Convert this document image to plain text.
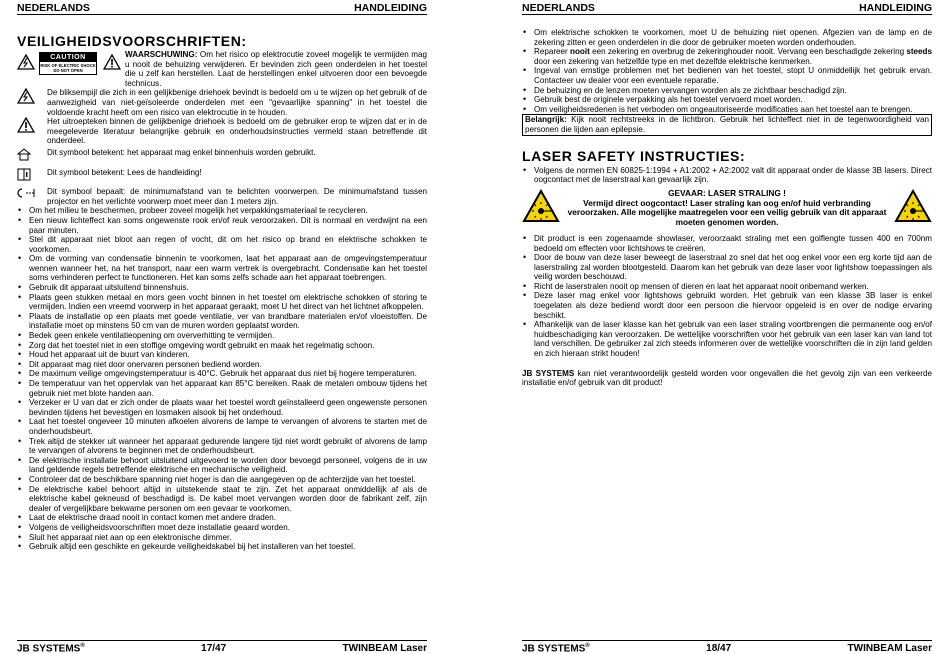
NEDERLANDS	HANDLEIDING
VEILIGHEIDSVOORSCHRIFTEN:
CAUTION
RISK OF ELECTRIC SHOCK DO NOT OPEN
WAARSCHUWING: Om het risico op elektrocutie zoveel mogelijk te vermijden mag u nooit de behuizing verwijderen. Er bevinden zich geen onderdelen in het toestel die u zelf kan herstellen. Laat de herstellingen enkel uitvoeren door een bevoegde technicus.
De bliksempijl die zich in een gelijkbenige driehoek bevindt is bedoeld om u te wijzen op het gebruik of de aanwezigheid van niet-geïsoleerde onderdelen met een "gevaarlijke spanning" in het toestel die voldoende kracht heeft om een risico van elektrocutie in te houden.
Het uitroepteken binnen de gelijkbenige driehoek is bedoeld om de gebruiker erop te wijzen dat er in de meegeleverde literatuur belangrijke gebruik en onderhoudsinstructies vermeld staan betreffende dit onderdeel.
Dit symbool betekent: het apparaat mag enkel binnenhuis worden gebruikt.
Dit symbool betekent: Lees de handleiding!
Dit symbool bepaalt: de minimumafstand van te belichten voorwerpen. De minimumafstand tussen projector en het verlichte voorwerp moet meer dan 1 meters zijn.
• Om het milieu te beschermen, probeer zoveel mogelijk het verpakkingsmateriaal te recycleren.
• Een nieuw lichteffect kan soms ongewenste rook en/of reuk veroorzaken. Dit is normaal en verdwijnt na een paar minuten.
• Stel dit apparaat niet bloot aan regen of vocht, dit om het risico op brand en elektrische schokken te voorkomen.
• Om de vorming van condensatie binnenin te voorkomen, laat het apparaat aan de omgevingstemperatuur wennen wanneer het, na het transport, naar een warm vertrek is overgebracht. Condensatie kan het toestel soms verhinderen perfect te functioneren. Het kan soms zelfs schade aan het apparaat toebrengen.
• Gebruik dit apparaat uitsluitend binnenshuis.
• Plaats geen stukken metaal en mors geen vocht binnen in het toestel om elektrische schokken of storing te vermijden. Indien een vreemd voorwerp in het apparaat geraakt, moet U het direct van het lichtnet afkoppelen.
• Plaats de installatie op een plaats met goede ventilatie, ver van brandbare materialen en/of vloeistoffen. De installatie moet op minstens 50 cm van de muren worden geplaatst worden.
• Bedek geen enkele ventilatieopening om oververhitting te vermijden.
• Zorg dat het toestel niet in een stoffige omgeving wordt gebruikt en maak het regelmatig schoon.
• Houd het apparaat uit de buurt van kinderen.
• Dit apparaat mag niet door onervaren personen bediend worden.
• De maximum veilige omgevingstemperatuur is 40°C. Gebruik het apparaat dus niet bij hogere temperaturen.
• De temperatuur van het oppervlak van het apparaat kan 85°C bereiken. Raak de metalen ombouw tijdens het gebruik niet met blote handen aan.
• Verzeker er U van dat er zich onder de plaats waar het toestel wordt geïnstalleerd geen ongewenste personen bevinden tijdens het bevestigen en losmaken alsook bij het onderhoud.
• Laat het toestel ongeveer 10 minuten afkoelen alvorens de lampe te vervangen of alvorens te starten met de onderhoudsbeurt.
• Trek altijd de stekker uit wanneer het apparaat gedurende langere tijd niet wordt gebruikt of alvorens de lamp te vervangen of alvorens te beginnen met de onderhoudsbeurt.
• De elektrische installatie behoort uitsluitend uitgevoerd te worden door bevoegd personeel, volgens de in uw land geldende regels betreffende elektrische en mechanische veiligheid.
• Controleer dat de beschikbare spanning niet hoger is dan die aangegeven op de achterzijde van het toestel.
• De elektrische kabel behoort altijd in uitstekende staat te zijn. Zet het apparaat onmiddellijk af als de elektrische kabel gekneusd of beschadigd is. De kabel moet vervangen worden door de fabrikant zelf, zijn dealer of vergelijkbare bekwame personen om een gevaar te voorkomen.
• Laat de elektrische draad nooit in contact komen met andere draden.
• Volgens de veiligheidsvoorschriften moet deze installatie geaard worden.
• Sluit het apparaat niet aan op een elektronische dimmer.
• Gebruik altijd een geschikte en gekeurde veiligheidskabel bij het installeren van het toestel.
JB SYSTEMS®	17/47	TWINBEAM Laser
NEDERLANDS	HANDLEIDING
• Om elektrische schokken te voorkomen, moet U de behuizing niet openen. Afgezien van de lamp en de zekering zitten er geen onderdelen in die door de gebruiker moeten worden onderhouden.
• Repareer nooit een zekering en overbrug de zekeringhouder nooit. Vervang een beschadigde zekering steeds door een zekering van hetzelfde type en met dezelfde elektrische kenmerken.
• Ingeval van ernstige problemen met het bedienen van het toestel, stopt U onmiddellijk het gebruik ervan. Contacteer uw dealer voor een eventuele reparatie.
• De behuizing en de lenzen moeten vervangen worden als ze zichtbaar beschadigd zijn.
• Gebruik best de originele verpakking als het toestel vervoerd moet worden.
• Om veiligheidsredenen is het verboden om ongeautoriseerde modificaties aan het toestel aan te brengen.
Belangrijk: Kijk nooit rechtstreeks in de lichtbron. Gebruik het lichteffect niet in de tegenwoordigheid van personen die lijden aan epilepsie.
LASER SAFETY INSTRUCTIES:
• Volgens de normen EN 60825-1:1994 + A1:2002 + A2:2002 valt dit apparaat onder de klasse 3B lasers. Direct oogcontact met de laserstraal kan gevaarlijk zijn.
GEVAAR: LASER STRALING !
Vermijd direct oogcontact! Laser straling kan oog en/of huid verbranding veroorzaken. Alle mogelijke maatregelen voor een veilig gebruik van dit apparaat moeten genomen worden.
• Dit product is een zogenaamde showlaser, veroorzaakt straling met een golflengte tussen 400 en 700nm bedoeld om effecten voor lichtshows te creëren.
• Door de bouw van deze laser beweegt de laserstraal zo snel dat het oog enkel voor een erg korte tijd aan de laserstraling zal worden blootgesteld. Daarom kan het gebruik van deze laser voor lightshow toepassingen als veilig worden beschouwd.
• Richt de laserstralen nooit op mensen of dieren en laat het apparaat nooit onbemand werken.
• Deze laser mag enkel voor lightshows gebruikt worden. Het gebruik van een klasse 3B laser is enkel toegelaten als deze bediend wordt door een persoon die hiervoor opgeleid is en over de nodige ervaring beschikt.
• Afhankelijk van de laser klasse kan het gebruik van een laser straling voortbrengen die permanente oog en/of huidbeschadiging kan veroorzaken. De wettelijke voorschriften voor het gebruik van een laser kan van land tot land verschillen. De gebruiker zal zich steeds informeren over de wettelijke voorschriften die in zijn land gelden en zich hieraan strikt houden!
JB SYSTEMS kan niet verantwoordelijk gesteld worden voor ongevallen die het gevolg zijn van een verkeerde installatie en/of gebruik van dit product!
JB SYSTEMS®	18/47	TWINBEAM Laser
